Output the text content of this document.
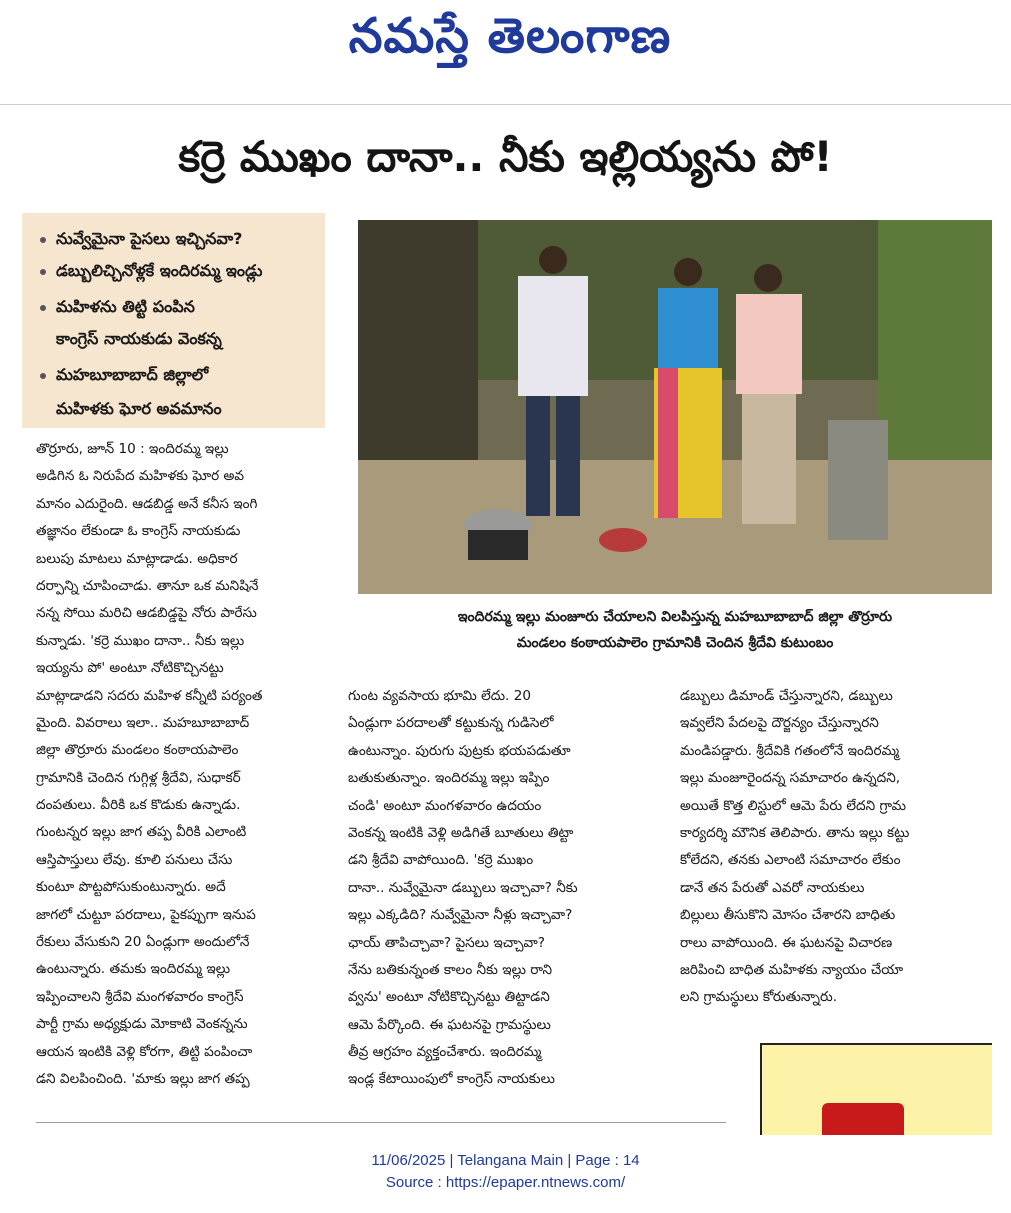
నమస్తే తెలంగాణ
కర్రె ముఖం దానా.. నీకు ఇల్లియ్యను పో!
నువ్వేమైనా పైసలు ఇచ్చినవా?
డబ్బులిచ్చినోళ్లకే ఇందిరమ్మ ఇండ్లు
మహిళను తిట్టి పంపిన
కాంగ్రెస్ నాయకుడు వెంకన్న
మహబూబాబాద్ జిల్లాలో
మహిళకు ఘోర అవమానం
ఇందిరమ్మ ఇల్లు మంజూరు చేయాలని విలపిస్తున్న మహబూబాబాద్ జిల్లా తొర్రూరు
మండలం కంఠాయపాలెం గ్రామానికి చెందిన శ్రీదేవి కుటుంబం
తొర్రూరు, జూన్ 10 : ఇందిరమ్మ ఇల్లు
అడిగిన ఓ నిరుపేద మహిళకు ఘోర అవ
మానం ఎదురైంది. ఆడబిడ్డ అనే కనీస ఇంగి
తజ్ఞానం లేకుండా ఓ కాంగ్రెస్ నాయకుడు
బలుపు మాటలు మాట్లాడాడు. అధికార
దర్పాన్ని చూపించాడు. తానూ ఒక మనిషినే
నన్న సోయి మరిచి ఆడబిడ్డపై నోరు పారేసు
కున్నాడు. 'కర్రె ముఖం దానా.. నీకు ఇల్లు
ఇయ్యను పో' అంటూ నోటికొచ్చినట్టు
మాట్లాడాడని సదరు మహిళ కన్నీటి పర్యంత
మైంది. వివరాలు ఇలా.. మహబూబాబాద్
జిల్లా తొర్రూరు మండలం కంఠాయపాలెం
గ్రామానికి చెందిన గుగ్గిళ్ల శ్రీదేవి, సుధాకర్
దంపతులు. వీరికి ఒక కొడుకు ఉన్నాడు.
గుంటన్నర ఇల్లు జాగ తప్ప వీరికి ఎలాంటి
ఆస్తిపాస్తులు లేవు. కూలి పనులు చేసు
కుంటూ పొట్టపోసుకుంటున్నారు. అదే
జాగలో చుట్టూ పరదాలు, పైకప్పుగా ఇనుప
రేకులు వేసుకుని 20 ఏండ్లుగా అందులోనే
ఉంటున్నారు. తమకు ఇందిరమ్మ ఇల్లు
ఇప్పించాలని శ్రీదేవి మంగళవారం కాంగ్రెస్
పార్టీ గ్రామ అధ్యక్షుడు మోకాటి వెంకన్నను
ఆయన ఇంటికి వెళ్లి కోరగా, తిట్టి పంపించా
డని విలపించింది. 'మాకు ఇల్లు జాగ తప్ప
గుంట వ్యవసాయ భూమి లేదు. 20
ఏండ్లుగా పరదాలతో కట్టుకున్న గుడిసెలో
ఉంటున్నాం. పురుగు పుట్రకు భయపడుతూ
బతుకుతున్నాం. ఇందిరమ్మ ఇల్లు ఇప్పిం
చండి' అంటూ మంగళవారం ఉదయం
వెంకన్న ఇంటికి వెళ్లి అడిగితే బూతులు తిట్టా
డని శ్రీదేవి వాపోయింది. 'కర్రె ముఖం
దానా.. నువ్వేమైనా డబ్బులు ఇచ్చావా? నీకు
ఇల్లు ఎక్కడిది? నువ్వేమైనా నీళ్లు ఇచ్చావా?
ఛాయ్ తాపిచ్చావా? పైసలు ఇచ్చావా?
నేను బతికున్నంత కాలం నీకు ఇల్లు రాని
వ్వను' అంటూ నోటికొచ్చినట్టు తిట్టాడని
ఆమె పేర్కొంది. ఈ ఘటనపై గ్రామస్థులు
తీవ్ర ఆగ్రహం వ్యక్తంచేశారు. ఇందిరమ్మ
ఇండ్ల కేటాయింపులో కాంగ్రెస్ నాయకులు
డబ్బులు డిమాండ్ చేస్తున్నారని, డబ్బులు
ఇవ్వలేని పేదలపై దౌర్జన్యం చేస్తున్నారని
మండిపడ్డారు. శ్రీదేవికి గతంలోనే ఇందిరమ్మ
ఇల్లు మంజూరైందన్న సమాచారం ఉన్నదని,
అయితే కొత్త లిస్టులో ఆమె పేరు లేదని గ్రామ
కార్యదర్శి మౌనిక తెలిపారు. తాను ఇల్లు కట్టు
కోలేదని, తనకు ఎలాంటి సమాచారం లేకుం
డానే తన పేరుతో ఎవరో నాయకులు
బిల్లులు తీసుకొని మోసం చేశారని బాధితు
రాలు వాపోయింది. ఈ ఘటనపై విచారణ
జరిపించి బాధిత మహిళకు న్యాయం చేయా
లని గ్రామస్థులు కోరుతున్నారు.
11/06/2025 | Telangana Main | Page : 14
Source : https://epaper.ntnews.com/
